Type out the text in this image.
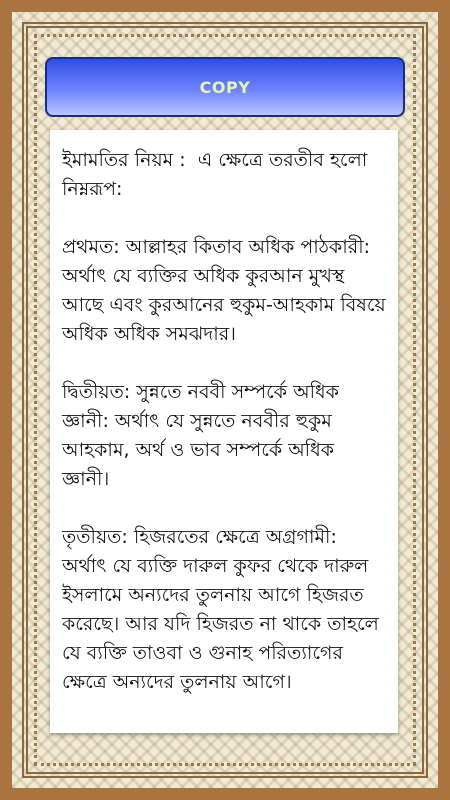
COPY
ইমামতির নিয়ম :  এ ক্ষেত্রে তরতীব হলো নিম্নরূপ:

প্রথমত: আল্লাহর কিতাব অধিক পাঠকারী: অর্থাৎ যে ব্যক্তির অধিক কুরআন মুখস্থ আছে এবং কুরআনের হুকুম-আহকাম বিষয়ে অধিক অধিক সমঝদার।

দ্বিতীয়ত: সুন্নতে নববী সম্পর্কে অধিক জ্ঞানী: অর্থাৎ যে সুন্নতে নববীর হুকুম আহকাম, অর্থ ও ভাব সম্পর্কে অধিক জ্ঞানী।

তৃতীয়ত: হিজরতের ক্ষেত্রে অগ্রগামী: অর্থাৎ যে ব্যক্তি দারুল কুফর থেকে দারুল ইসলামে অন্যদের তুলনায় আগে হিজরত করেছে। আর যদি হিজরত না থাকে তাহলে যে ব্যক্তি তাওবা ও গুনাহ পরিত্যাগের ক্ষেত্রে অন্যদের তুলনায় আগে।
